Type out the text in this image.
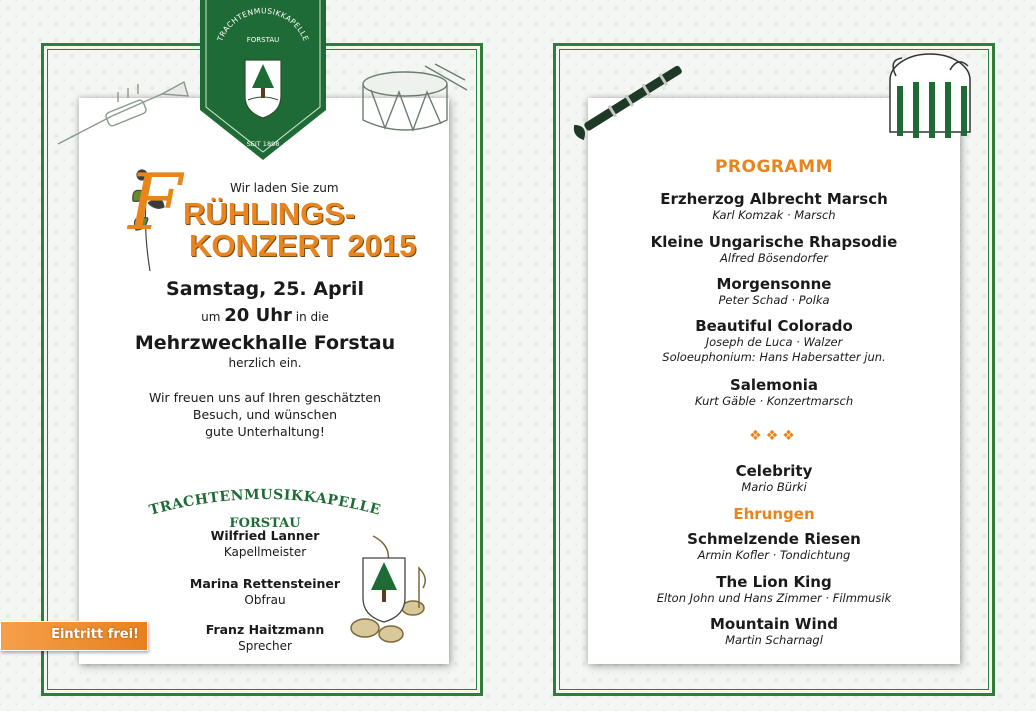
TRACHTENMUSIKKAPELLE
FORSTAU
SEIT 1898
F	Wir laden Sie zum
RÜHLINGS-
KONZERT 2015
Samstag, 25. April
um 20 Uhr in die
Mehrzweckhalle Forstau
herzlich ein.
Wir freuen uns auf Ihren geschätzten
Besuch, und wünschen
gute Unterhaltung!
TRACHTENMUSIKKAPELLE
FORSTAU
Wilfried Lanner
Kapellmeister
Marina Rettensteiner
Obfrau
Franz Haitzmann
Sprecher
Eintritt frei!
PROGRAMM
Erzherzog Albrecht Marsch
Karl Komzak · Marsch
Kleine Ungarische Rhapsodie
Alfred Bösendorfer
Morgensonne
Peter Schad · Polka
Beautiful Colorado
Joseph de Luca · Walzer
Soloeuphonium: Hans Habersatter jun.
Salemonia
Kurt Gäble · Konzertmarsch
❖❖❖
Celebrity
Mario Bürki
Ehrungen
Schmelzende Riesen
Armin Kofler · Tondichtung
The Lion King
Elton John und Hans Zimmer · Filmmusik
Mountain Wind
Martin Scharnagl
